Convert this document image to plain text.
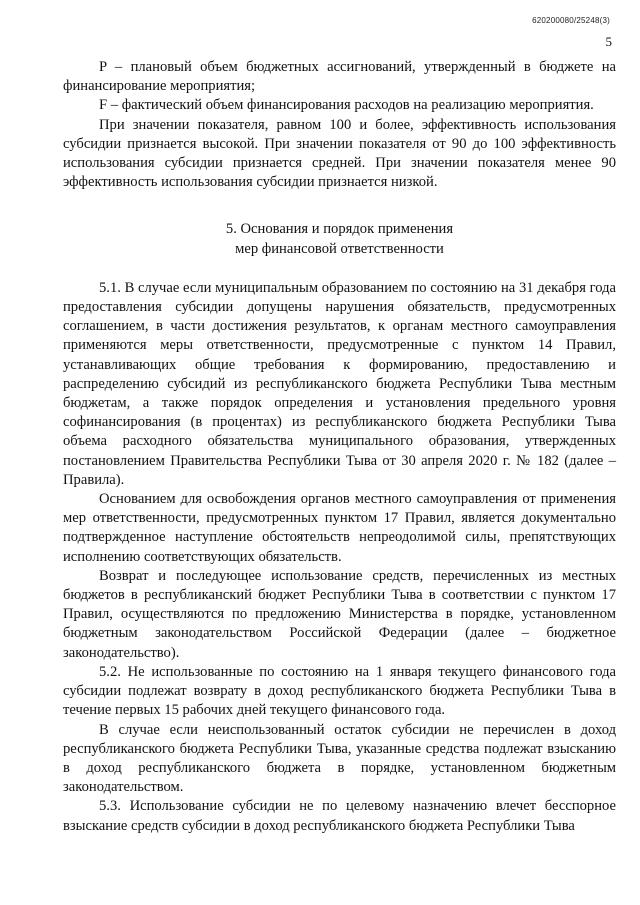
620200080/25248(3)
5

P – плановый объем бюджетных ассигнований, утвержденный в бюджете на финансирование мероприятия;

F – фактический объем финансирования расходов на реализацию мероприятия.

При значении показателя, равном 100 и более, эффективность использования субсидии признается высокой. При значении показателя от 90 до 100 эффективность использования субсидии признается средней. При значении показателя менее 90 эффективность использования субсидии признается низкой.

5. Основания и порядок применения
мер финансовой ответственности

5.1. В случае если муниципальным образованием по состоянию на 31 декабря года предоставления субсидии допущены нарушения обязательств, предусмотренных соглашением, в части достижения результатов, к органам местного самоуправления применяются меры ответственности, предусмотренные с пунктом 14 Правил, устанавливающих общие требования к формированию, предоставлению и распределению субсидий из республиканского бюджета Республики Тыва местным бюджетам, а также порядок определения и установления предельного уровня софинансирования (в процентах) из республиканского бюджета Республики Тыва объема расходного обязательства муниципального образования, утвержденных постановлением Правительства Республики Тыва от 30 апреля 2020 г. № 182 (далее – Правила).

Основанием для освобождения органов местного самоуправления от применения мер ответственности, предусмотренных пунктом 17 Правил, является документально подтвержденное наступление обстоятельств непреодолимой силы, препятствующих исполнению соответствующих обязательств.

Возврат и последующее использование средств, перечисленных из местных бюджетов в республиканский бюджет Республики Тыва в соответствии с пунктом 17 Правил, осуществляются по предложению Министерства в порядке, установленном бюджетным законодательством Российской Федерации (далее – бюджетное законодательство).

5.2. Не использованные по состоянию на 1 января текущего финансового года субсидии подлежат возврату в доход республиканского бюджета Республики Тыва в течение первых 15 рабочих дней текущего финансового года.

В случае если неиспользованный остаток субсидии не перечислен в доход республиканского бюджета Республики Тыва, указанные средства подлежат взысканию в доход республиканского бюджета в порядке, установленном бюджетным законодательством.

5.3. Использование субсидии не по целевому назначению влечет бесспорное взыскание средств субсидии в доход республиканского бюджета Республики Тыва
